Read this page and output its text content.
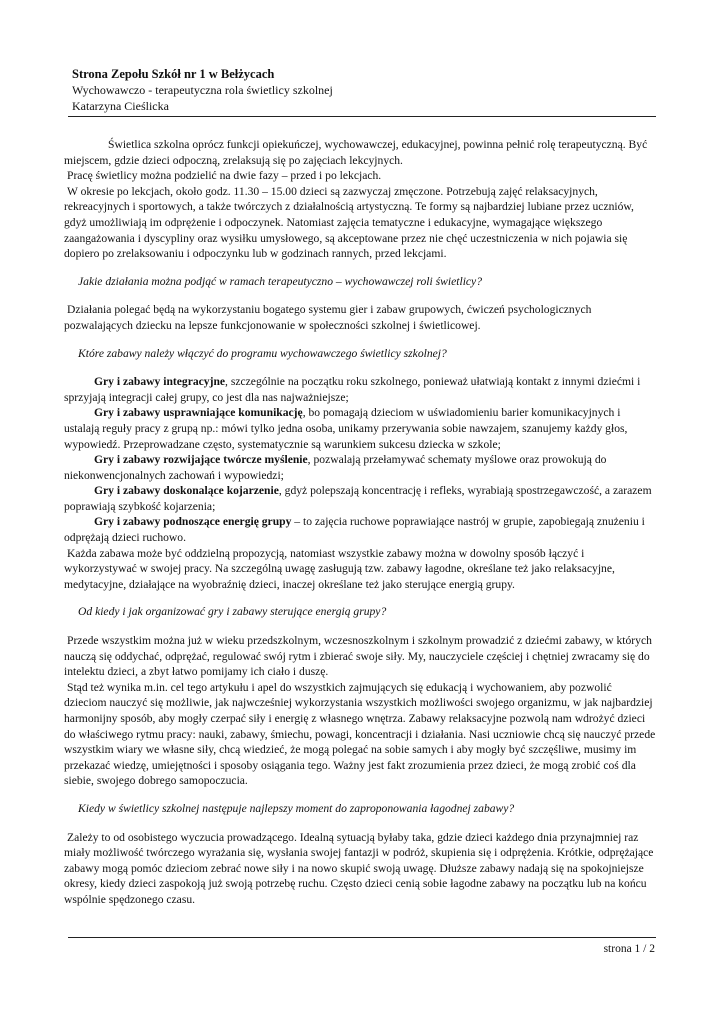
Strona Zepołu Szkół nr 1 w Bełżycach
Wychowawczo - terapeutyczna rola świetlicy szkolnej
Katarzyna Cieślicka

Świetlica szkolna oprócz funkcji opiekuńczej, wychowawczej, edukacyjnej, powinna pełnić rolę terapeutyczną. Być miejscem, gdzie dzieci odpoczną, zrelaksują się po zajęciach lekcyjnych.

Pracę świetlicy można podzielić na dwie fazy – przed i po lekcjach.

W okresie po lekcjach, około godz. 11.30 – 15.00 dzieci są zazwyczaj zmęczone. Potrzebują zajęć relaksacyjnych, rekreacyjnych i sportowych, a także twórczych z działalnością artystyczną. Te formy są najbardziej lubiane przez uczniów, gdyż umożliwiają im odprężenie i odpoczynek. Natomiast zajęcia tematyczne i edukacyjne, wymagające większego zaangażowania i dyscypliny oraz wysiłku umysłowego, są akceptowane przez nie chęć uczestniczenia w nich pojawia się dopiero po zrelaksowaniu i odpoczynku lub w godzinach rannych, przed lekcjami.

Jakie działania można podjąć w ramach terapeutyczno – wychowawczej roli świetlicy?

Działania polegać będą na wykorzystaniu bogatego systemu gier i zabaw grupowych, ćwiczeń psychologicznych pozwalających dziecku na lepsze funkcjonowanie w społeczności szkolnej i świetlicowej.

Które zabawy należy włączyć do programu wychowawczego świetlicy szkolnej?

Gry i zabawy integracyjne, szczególnie na początku roku szkolnego, ponieważ ułatwiają kontakt z innymi dziećmi i sprzyjają integracji całej grupy, co jest dla nas najważniejsze;

Gry i zabawy usprawniające komunikację, bo pomagają dzieciom w uświadomieniu barier komunikacyjnych i ustalają reguły pracy z grupą np.: mówi tylko jedna osoba, unikamy przerywania sobie nawzajem, szanujemy każdy głos, wypowiedź. Przeprowadzane często, systematycznie są warunkiem sukcesu dziecka w szkole;

Gry i zabawy rozwijające twórcze myślenie, pozwalają przełamywać schematy myślowe oraz prowokują do niekonwencjonalnych zachowań i wypowiedzi;

Gry i zabawy doskonalące kojarzenie, gdyż polepszają koncentrację i refleks, wyrabiają spostrzegawczość, a zarazem poprawiają szybkość kojarzenia;

Gry i zabawy podnoszące energię grupy – to zajęcia ruchowe poprawiające nastrój w grupie, zapobiegają znużeniu i odprężają dzieci ruchowo.

Każda zabawa może być oddzielną propozycją, natomiast wszystkie zabawy można w dowolny sposób łączyć i wykorzystywać w swojej pracy. Na szczególną uwagę zasługują tzw. zabawy łagodne, określane też jako relaksacyjne, medytacyjne, działające na wyobraźnię dzieci, inaczej określane też jako sterujące energią grupy.

Od kiedy i jak organizować gry i zabawy sterujące energią grupy?

Przede wszystkim można już w wieku przedszkolnym, wczesnoszkolnym i szkolnym prowadzić z dziećmi zabawy, w których nauczą się oddychać, odprężać, regulować swój rytm i zbierać swoje siły. My, nauczyciele częściej i chętniej zwracamy się do intelektu dzieci, a zbyt łatwo pomijamy ich ciało i duszę.

Stąd też wynika m.in. cel tego artykułu i apel do wszystkich zajmujących się edukacją i wychowaniem, aby pozwolić dzieciom nauczyć się możliwie, jak najwcześniej wykorzystania wszystkich możliwości swojego organizmu, w jak najbardziej harmonijny sposób, aby mogły czerpać siły i energię z własnego wnętrza. Zabawy relaksacyjne pozwolą nam wdrożyć dzieci do właściwego rytmu pracy: nauki, zabawy, śmiechu, powagi, koncentracji i działania. Nasi uczniowie chcą się nauczyć przede wszystkim wiary we własne siły, chcą wiedzieć, że mogą polegać na sobie samych i aby mogły być szczęśliwe, musimy im przekazać wiedzę, umiejętności i sposoby osiągania tego. Ważny jest fakt zrozumienia przez dzieci, że mogą zrobić coś dla siebie, swojego dobrego samopoczucia.

Kiedy w świetlicy szkolnej następuje najlepszy moment do zaproponowania łagodnej zabawy?

Zależy to od osobistego wyczucia prowadzącego. Idealną sytuacją byłaby taka, gdzie dzieci każdego dnia przynajmniej raz miały możliwość twórczego wyrażania się, wysłania swojej fantazji w podróż, skupienia się i odprężenia. Krótkie, odprężające zabawy mogą pomóc dzieciom zebrać nowe siły i na nowo skupić swoją uwagę. Dłuższe zabawy nadają się na spokojniejsze okresy, kiedy dzieci zaspokoją już swoją potrzebę ruchu. Często dzieci cenią sobie łagodne zabawy na początku lub na końcu wspólnie spędzonego czasu.

strona 1 / 2
